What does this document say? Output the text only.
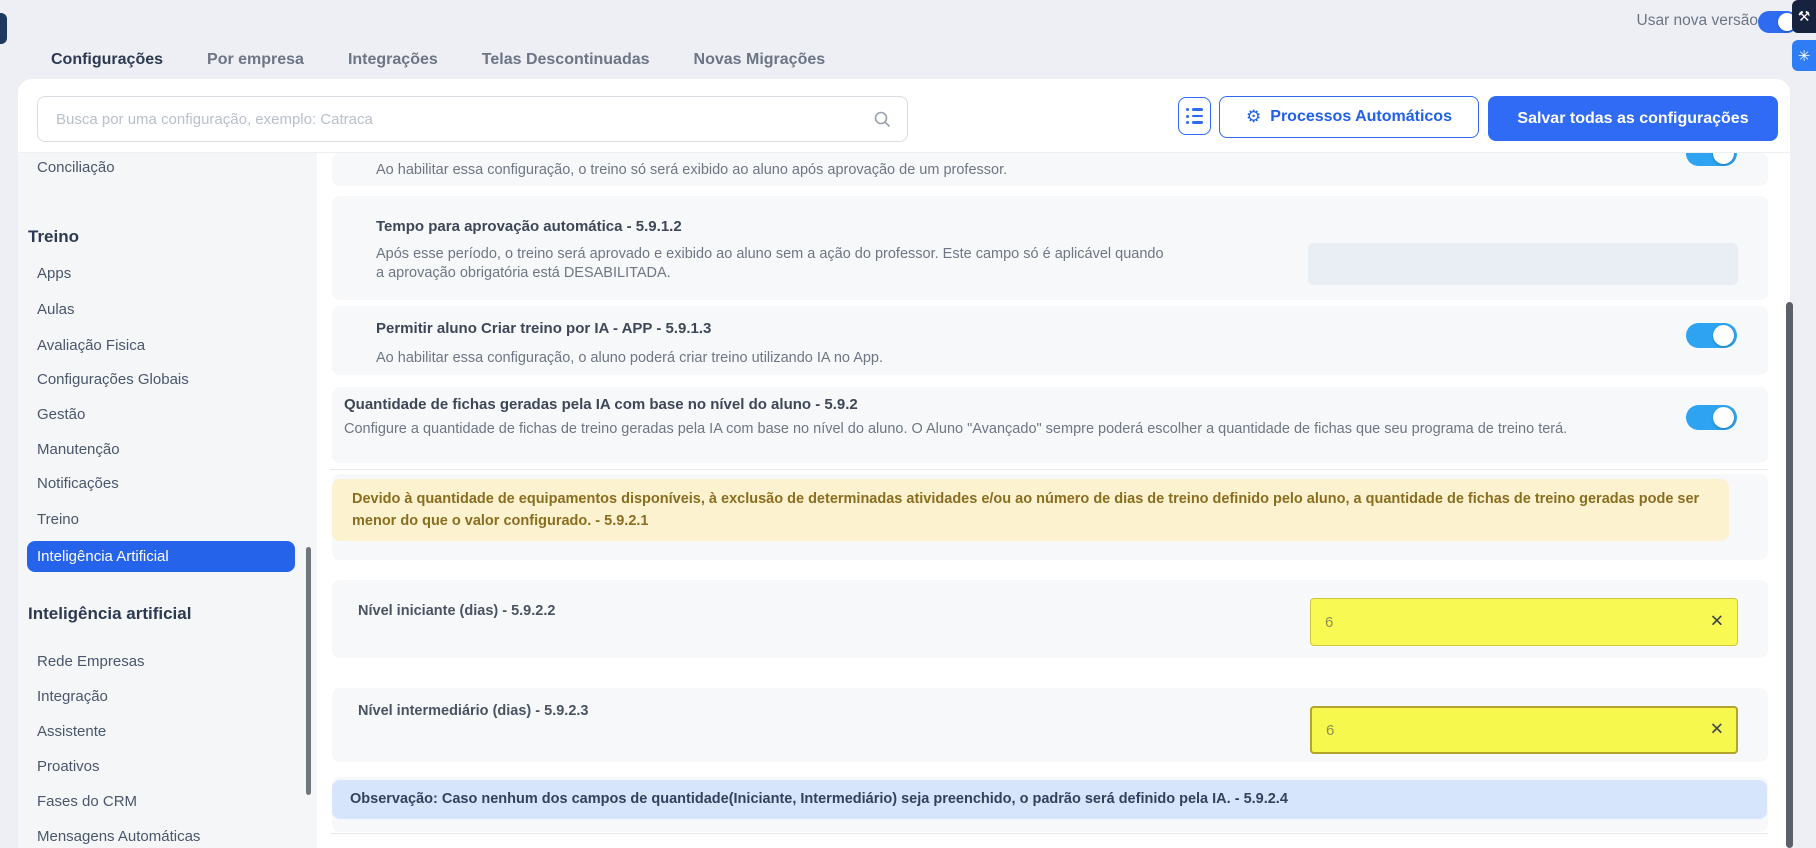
Configurações	Por empresa	Integrações	Telas Descontinuadas	Novas Migrações
Usar nova versão	⚒
✳
Conciliação
Treino
Apps
Aulas
Avaliação Fisica
Configurações Globais
Gestão
Manutenção
Notificações
Treino
Inteligência Artificial
Inteligência artificial
Rede Empresas
Integração
Assistente
Proativos
Fases do CRM
Mensagens Automáticas
Ao habilitar essa configuração, o treino só será exibido ao aluno após aprovação de um professor.
Tempo para aprovação automática - 5.9.1.2
Após esse período, o treino será aprovado e exibido ao aluno sem a ação do professor. Este campo só é aplicável quando a aprovação obrigatória está DESABILITADA.
Permitir aluno Criar treino por IA - APP - 5.9.1.3
Ao habilitar essa configuração, o aluno poderá criar treino utilizando IA no App.
Quantidade de fichas geradas pela IA com base no nível do aluno - 5.9.2
Configure a quantidade de fichas de treino geradas pela IA com base no nível do aluno. O Aluno "Avançado" sempre poderá escolher a quantidade de fichas que seu programa de treino terá.
Devido à quantidade de equipamentos disponíveis, à exclusão de determinadas atividades e/ou ao número de dias de treino definido pelo aluno, a quantidade de fichas de treino geradas pode ser menor do que o valor configurado. - 5.9.2.1
Nível iniciante (dias) - 5.9.2.2
6
✕
Nível intermediário (dias) - 5.9.2.3
6
✕
Observação: Caso nenhum dos campos de quantidade(Iniciante, Intermediário) seja preenchido, o padrão será definido pela IA. - 5.9.2.4
Busca por uma configuração, exemplo: Catraca
⚙ Processos Automáticos	Salvar todas as configurações
